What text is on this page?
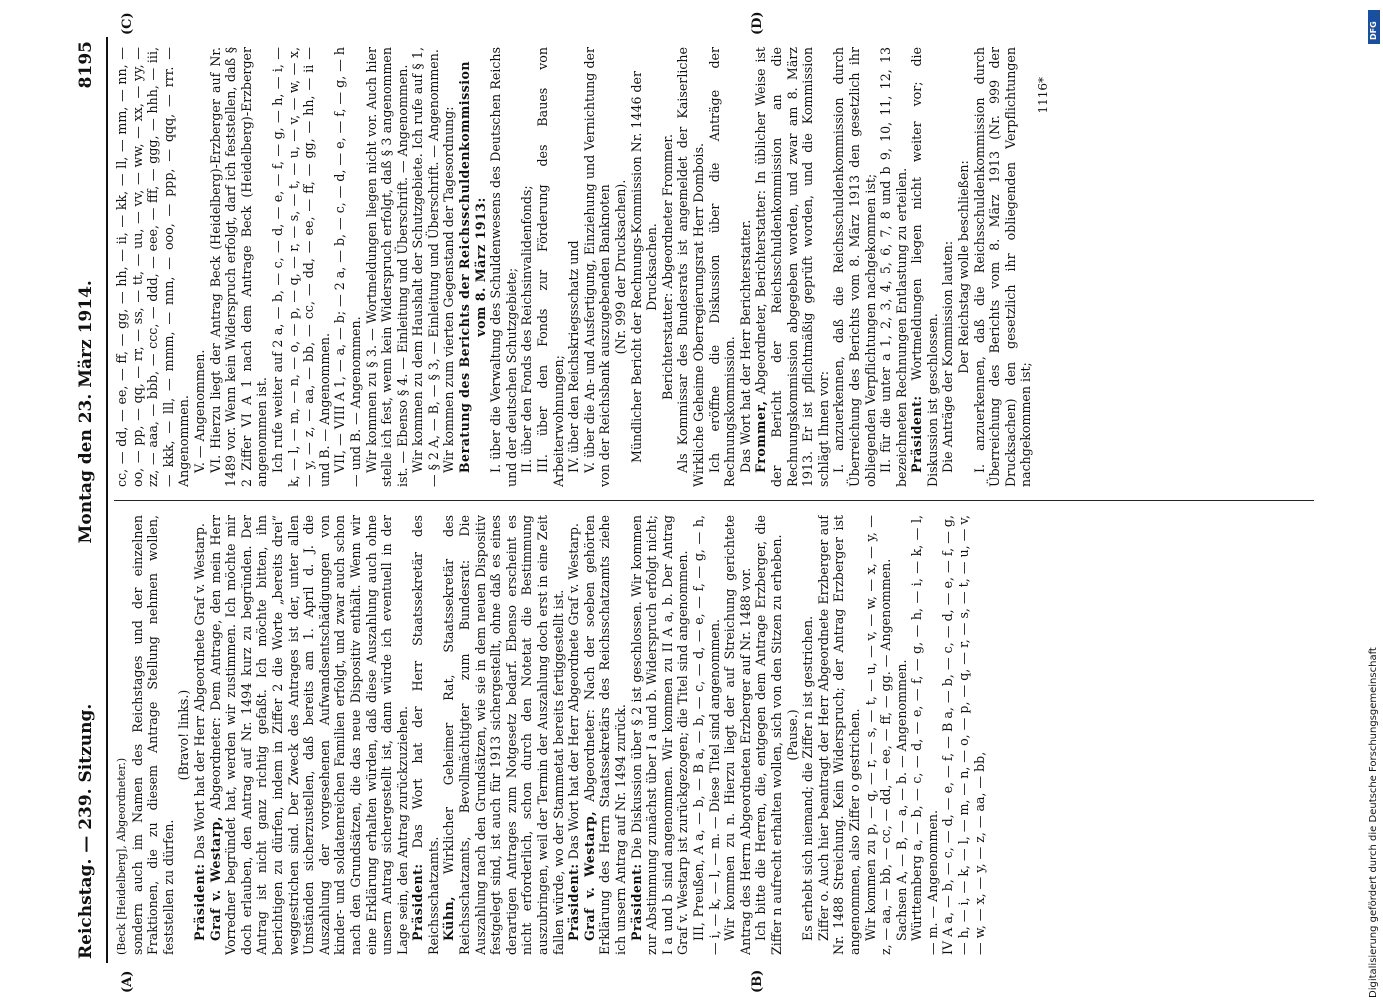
Reichstag. — 239. Sitzung.
Montag den 23. März 1914.  8195
(A)	(B)
(C)	(D)

(Beck [Heidelberg], Abgeordneter.) sondern auch im Namen des Reichstages und der einzelnen Fraktionen, die zu diesem Antrage Stellung nehmen wollen, feststellen zu dürfen.

(Bravo! links.)

Präsident: Das Wort hat der Herr Abgeordnete Graf v. Westarp.

Graf v. Westarp, Abgeordneter: Dem Antrage, den mein Herr Vorredner begründet hat, werden wir zustimmen. Ich möchte mir doch erlauben, den Antrag auf Nr. 1494 kurz zu begründen. Der Antrag ist nicht ganz richtig gefaßt. Ich möchte bitten, ihn berichtigen zu dürfen, indem in Ziffer 2 die Worte „bereits drei“ weggestrichen sind. Der Zweck des Antrages ist der, unter allen Umständen sicherzustellen, daß bereits am 1. April d. J. die Auszahlung der vorgesehenen Aufwandsentschädigungen von kinder- und soldatenreichen Familien erfolgt, und zwar auch schon nach den Grundsätzen, die das neue Dispositiv enthält. Wenn wir eine Erklärung erhalten würden, daß diese Auszahlung auch ohne unsern Antrag sichergestellt ist, dann würde ich eventuell in der Lage sein, den Antrag zurückzuziehen. Präsident: Das Wort hat der Herr Staatssekretär des Reichsschatzamts. Kühn, Wirklicher Geheimer Rat, Staatssekretär des Reichsschatzamts, Bevollmächtigter zum Bundesrat: Die Auszahlung nach den Grundsätzen, wie sie in dem neuen Dispositiv festgelegt sind, ist auch für 1913 sichergestellt, ohne daß es eines derartigen Antrages zum Notgesetz bedarf. Ebenso erscheint es nicht erforderlich, schon durch den Notetat die Bestimmung auszubringen, weil der Termin der Auszahlung doch erst in eine Zeit fallen würde, wo der Stammetat bereits fertiggestellt ist. Präsident: Das Wort hat der Herr Abgeordnete Graf v. Westarp.

Graf v. Westarp, Abgeordneter: Nach der soeben gehörten Erklärung des Herrn Staatssekretärs des Reichsschatzamts ziehe ich unsern Antrag auf Nr. 1494 zurück. Präsident: Die Diskussion über § 2 ist geschlossen. Wir kommen zur Abstimmung zunächst über I a und b. Widerspruch erfolgt nicht; I a und b sind angenommen. Wir kommen zu II A a, b. Der Antrag Graf v. Westarp ist zurückgezogen; die Titel sind angenommen. III, Preußen, A a, — b, — B a, — b, — c, — d, — e, — f, — g, — h, — i, — k, — l, — m. — Diese Titel sind angenommen. Wir kommen zu n. Hierzu liegt der auf Streichung gerichtete Antrag des Herrn Abgeordneten Erzberger auf Nr. 1488 vor. Ich bitte die Herren, die, entgegen dem Antrage Erzberger, die Ziffer n aufrecht erhalten wollen, sich von den Sitzen zu erheben. (Pause.) Es erhebt sich niemand; die Ziffer n ist gestrichen. Ziffer o. Auch hier beantragt der Herr Abgeordnete Erzberger auf Nr. 1488 Streichung. Kein Widerspruch; der Antrag Erzberger ist angenommen, also Ziffer o gestrichen. Wir kommen zu p, — q, — r, — s, — t, — u, — v, — w, — x, — y, — z, — aa, — bb, — cc, — dd, — ee, — ff, — gg. — Angenommen. Sachsen A, — B, — a, — b. — Angenommen. Württemberg a, — b, — c, — d, — e, — f, — g, — h, — i, — k, — l, — m. — Angenommen. IV A a, — b, — c, — d, — e, — f, — B a, — b, — c, — d, — e, — f, — g, — h, — i, — k, — l, — m, — n, — o, — p, — q, — r, — s, — t, — u, — v, — w, — x, — y, — z, — aa, — bb,

cc, — dd, — ee, — ff, — gg, — hh, — ii, — kk, — ll, — mm, — nn, — oo, — pp, — qq, — rr, — ss, — tt, — uu, — vv, — ww, — xx, — yy, — zz, — aaa, — bbb, — ccc, — ddd, — eee, — fff, — ggg, — hhh, — iii, — kkk, — lll, — mmm, — nnn, — ooo, — ppp, — qqq, — rrr. — Angenommen. V. — Angenommen. VI. Hierzu liegt der Antrag Beck (Heidelberg)-Erzberger auf Nr. 1489 vor. Wenn kein Widerspruch erfolgt, darf ich feststellen, daß § 2 Ziffer VI A 1 nach dem Antrage Beck (Heidelberg)-Erzberger angenommen ist. Ich rufe weiter auf 2 a, — b, — c, — d, — e, — f, — g, — h, — i, — k, — l, — m, — n, — o, — p, — q, — r, — s, — t, — u, — v, — w, — x, — y, — z, — aa, — bb, — cc, — dd, — ee, — ff, — gg, — hh, — ii — und B. — Angenommen. VII, — VIII A 1, — a, — b; — 2 a, — b, — c, — d, — e, — f, — g, — h — und B. — Angenommen. Wir kommen zu § 3. — Wortmeldungen liegen nicht vor. Auch hier stelle ich fest, wenn kein Widerspruch erfolgt, daß § 3 angenommen ist. — Ebenso § 4. — Einleitung und Überschrift. — Angenommen. Wir kommen zu dem Haushalt der Schutzgebiete. Ich rufe auf § 1, — § 2 A, — B, — § 3, — Einleitung und Überschrift. — Angenommen. Wir kommen zum vierten Gegenstand der Tagesordnung: Beratung des Berichts der Reichsschuldenkommission vom 8. März 1913: I. über die Verwaltung des Schuldenwesens des Deutschen Reichs und der deutschen Schutzgebiete; II. über den Fonds des Reichsinvalidenfonds; III. über den Fonds zur Förderung des Baues von Arbeiterwohnungen; IV. über den Reichskriegsschatz und V. über die An- und Ausfertigung, Einziehung und Vernichtung der von der Reichsbank auszugebenden Banknoten (Nr. 999 der Drucksachen). Mündlicher Bericht der Rechnungs-Kommission Nr. 1446 der Drucksachen. Berichterstatter: Abgeordneter Frommer. Als Kommissar des Bundesrats ist angemeldet der Kaiserliche Wirkliche Geheime Oberregierungsrat Herr Dombois. Ich eröffne die Diskussion über die Anträge der Rechnungskommission. Das Wort hat der Herr Berichterstatter. Frommer, Abgeordneter, Berichterstatter: In üblicher Weise ist der Bericht der Reichsschuldenkommission an die Rechnungskommission abgegeben worden, und zwar am 8. März 1913. Er ist pflichtmäßig geprüft worden, und die Kommission schlägt Ihnen vor: I. anzuerkennen, daß die Reichsschuldenkommission durch Überreichung des Berichts vom 8. März 1913 den gesetzlich ihr obliegenden Verpflichtungen nachgekommen ist; II. für die unter a 1, 2, 3, 4, 5, 6, 7, 8 und b 9, 10, 11, 12, 13 bezeichneten Rechnungen Entlastung zu erteilen. Präsident: Wortmeldungen liegen nicht weiter vor; die Diskussion ist geschlossen. Die Anträge der Kommission lauten: Der Reichstag wolle beschließen: I. anzuerkennen, daß die Reichsschuldenkommission durch Überreichung des Berichts vom 8. März 1913 (Nr. 999 der Drucksachen) den gesetzlich ihr obliegenden Verpflichtungen nachgekommen ist;

1116*
Digitalisierung gefördert durch die Deutsche Forschungsgemeinschaft
DFG
